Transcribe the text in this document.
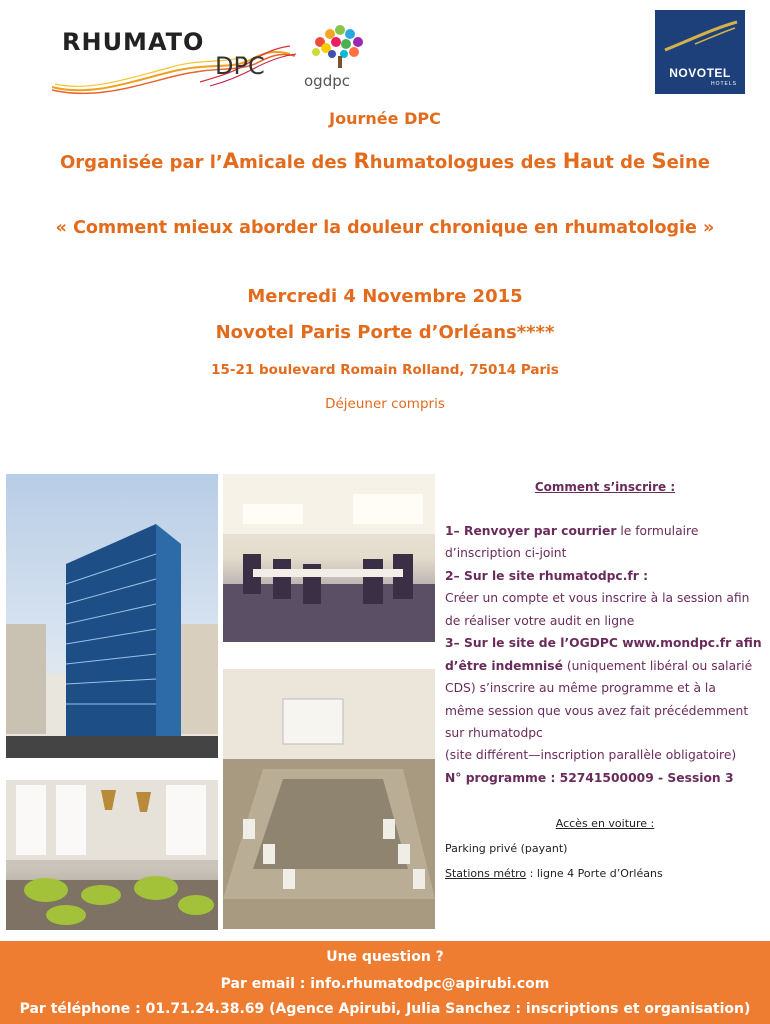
RHUMATO
DPC
ogdpc	NOVOTEL
HOTELS
Journée DPC
Organisée par l’Amicale des Rhumatologues des Haut de Seine
« Comment mieux aborder la douleur chronique en rhumatologie »
Mercredi 4 Novembre 2015
Novotel Paris Porte d’Orléans****
15-21 boulevard Romain Rolland, 75014 Paris
Déjeuner compris
Comment s’inscrire :
1– Renvoyer par courrier le formulaire
d’inscription ci-joint
2– Sur le site rhumatodpc.fr :
Créer un compte et vous inscrire à la session afin
de réaliser votre audit en ligne
3– Sur le site de l’OGDPC www.mondpc.fr afin
d’être indemnisé (uniquement libéral ou salarié
CDS) s’inscrire au même programme et à la
même session que vous avez fait précédemment
sur rhumatodpc
(site différent—inscription parallèle obligatoire)
N° programme : 52741500009 - Session 3
Accès en voiture :
Parking privé (payant)
Stations métro : ligne 4 Porte d’Orléans
Une question ?
Par email : info.rhumatodpc@apirubi.com
Par téléphone : 01.71.24.38.69 (Agence Apirubi, Julia Sanchez : inscriptions et organisation)
